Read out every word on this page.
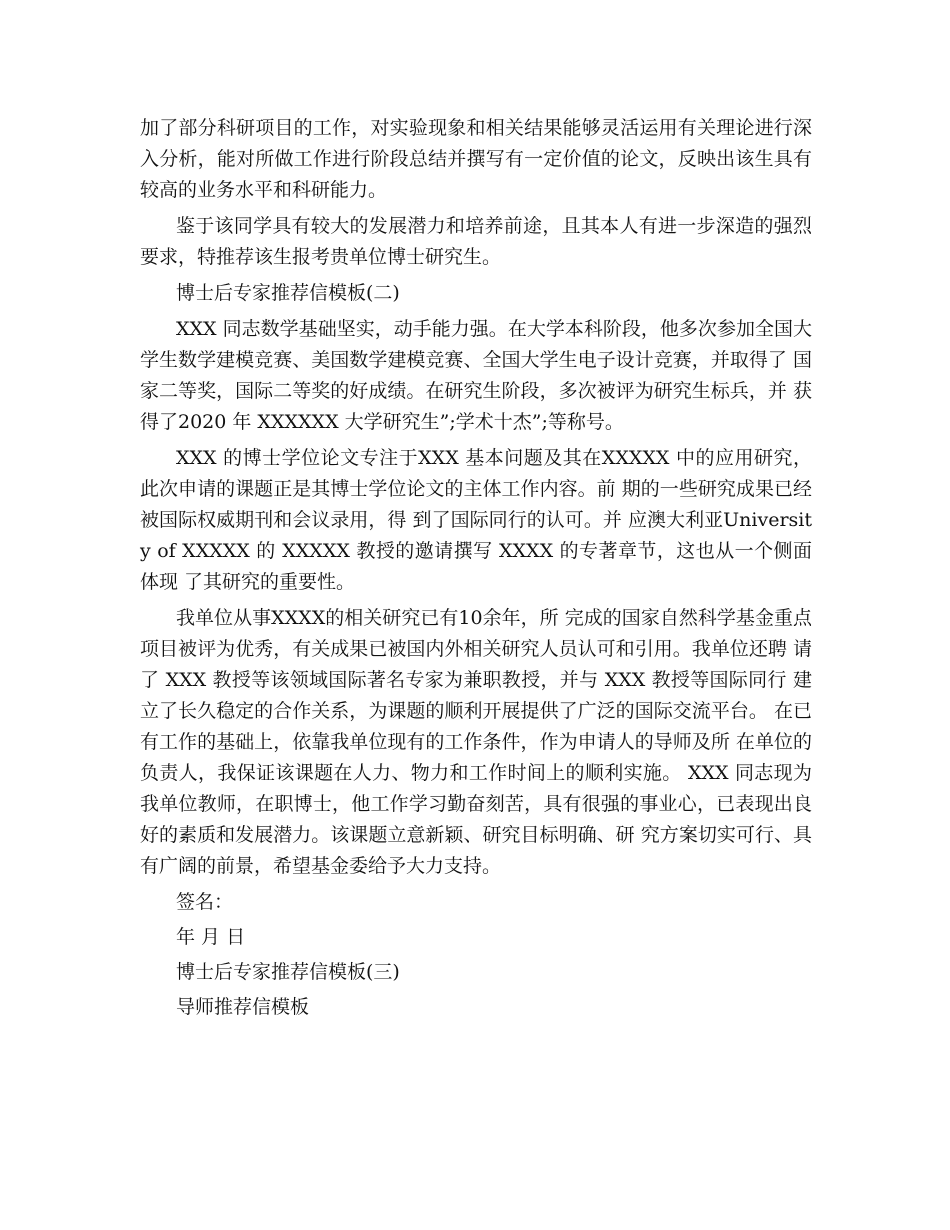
加了部分科研项目的工作，对实验现象和相关结果能够灵活运用有关理论进行深入分析，能对所做工作进行阶段总结并撰写有一定价值的论文，反映出该生具有较高的业务水平和科研能力。

鉴于该同学具有较大的发展潜力和培养前途，且其本人有进一步深造的强烈要求，特推荐该生报考贵单位博士研究生。

博士后专家推荐信模板(二)

XXX 同志数学基础坚实，动手能力强。在大学本科阶段，他多次参加全国大学生数学建模竞赛、美国数学建模竞赛、全国大学生电子设计竞赛，并取得了 国家二等奖，国际二等奖的好成绩。在研究生阶段，多次被评为研究生标兵，并 获得了2020 年 XXXXXX 大学研究生”;学术十杰”;等称号。

XXX 的博士学位论文专注于XXX 基本问题及其在XXXXX 中的应用研究，此次申请的课题正是其博士学位论文的主体工作内容。前 期的一些研究成果已经被国际权威期刊和会议录用，得 到了国际同行的认可。并 应澳大利亚University of XXXXX 的 XXXXX 教授的邀请撰写 XXXX 的专著章节，这也从一个侧面体现 了其研究的重要性。

我单位从事XXXX的相关研究已有10余年，所 完成的国家自然科学基金重点项目被评为优秀，有关成果已被国内外相关研究人员认可和引用。我单位还聘 请了 XXX 教授等该领域国际著名专家为兼职教授，并与 XXX 教授等国际同行 建立了长久稳定的合作关系，为课题的顺利开展提供了广泛的国际交流平台。 在已有工作的基础上，依靠我单位现有的工作条件，作为申请人的导师及所 在单位的负责人，我保证该课题在人力、物力和工作时间上的顺利实施。 XXX 同志现为我单位教师，在职博士，他工作学习勤奋刻苦，具有很强的事业心，已表现出良好的素质和发展潜力。该课题立意新颖、研究目标明确、研 究方案切实可行、具有广阔的前景，希望基金委给予大力支持。

签名：
年 月 日
博士后专家推荐信模板(三)
导师推荐信模板
